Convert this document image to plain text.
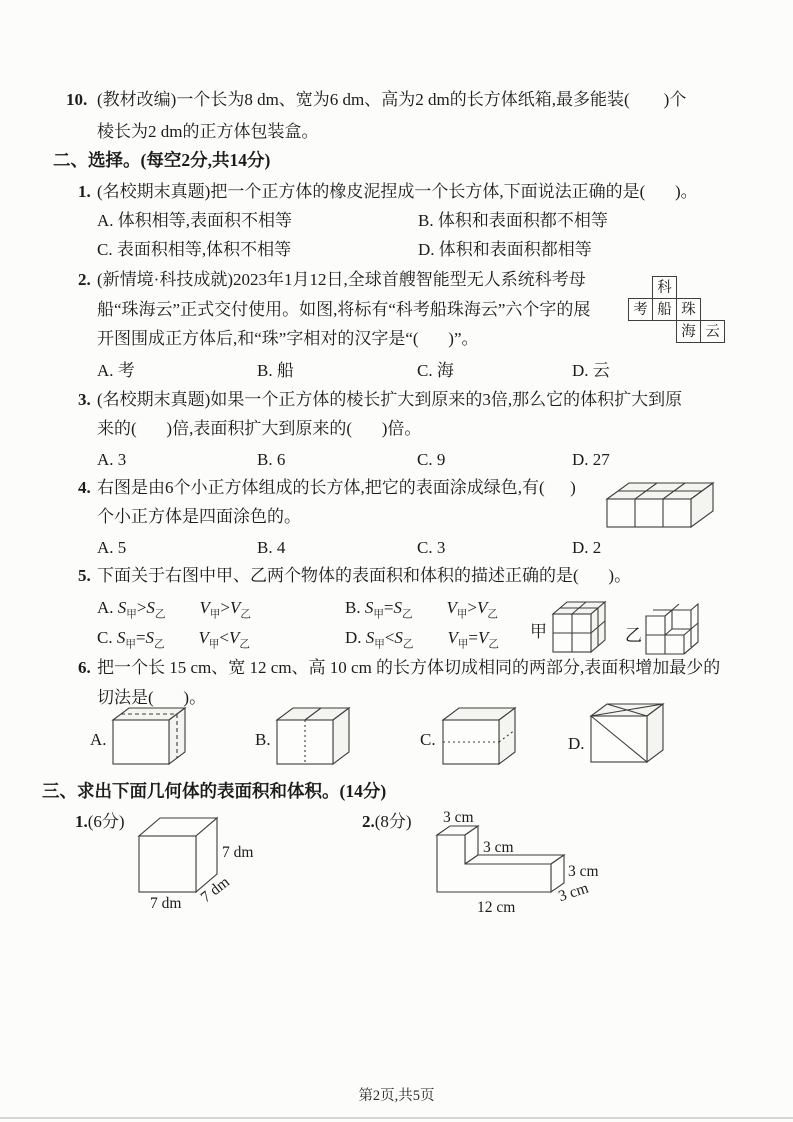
10. (教材改编)一个长为8 dm、宽为6 dm、高为2 dm的长方体纸箱,最多能装(        )个
棱长为2 dm的正方体包装盒。
二、选择。(每空2分,共14分)
1. (名校期末真题)把一个正方体的橡皮泥捏成一个长方体,下面说法正确的是(       )。
A. 体积相等,表面积不相等	B. 体积和表面积都不相等
C. 表面积相等,体积不相等	D. 体积和表面积都相等
2. (新情境·科技成就)2023年1月12日,全球首艘智能型无人系统科考母
船“珠海云”正式交付使用。如图,将标有“科考船珠海云”六个字的展
开图围成正方体后,和“珠”字相对的汉字是“(       )”。
A. 考	B. 船	C. 海	D. 云
科
考 船 珠
海 云
3. (名校期末真题)如果一个正方体的棱长扩大到原来的3倍,那么它的体积扩大到原
来的(       )倍,表面积扩大到原来的(       )倍。
A. 3	B. 6	C. 9	D. 27
4. 右图是由6个小正方体组成的长方体,把它的表面涂成绿色,有(      )
个小正方体是四面涂色的。
A. 5	B. 4	C. 3	D. 2
5. 下面关于右图中甲、乙两个物体的表面积和体积的描述正确的是(       )。
A. $S_甲>S_乙$　　 $V_甲>V_乙$	B. $S_甲=S_乙$　　 $V_甲>V_乙$
C. $S_甲=S_乙$　　 $V_甲<V_乙$	D. $S_甲<S_乙$　　 $V_甲=V_乙$
甲	乙
6. 把一个长 15 cm、宽 12 cm、高 10 cm 的长方体切成相同的两部分,表面积增加最少的
切法是(       )。
A.	B.	C.	D.
三、求出下面几何体的表面积和体积。(14分)
1.(6分)
7 dm
7 dm 7 dm
2.(8分) 3 cm
3 cm
3 cm
3 cm
12 cm
第2页,共5页
